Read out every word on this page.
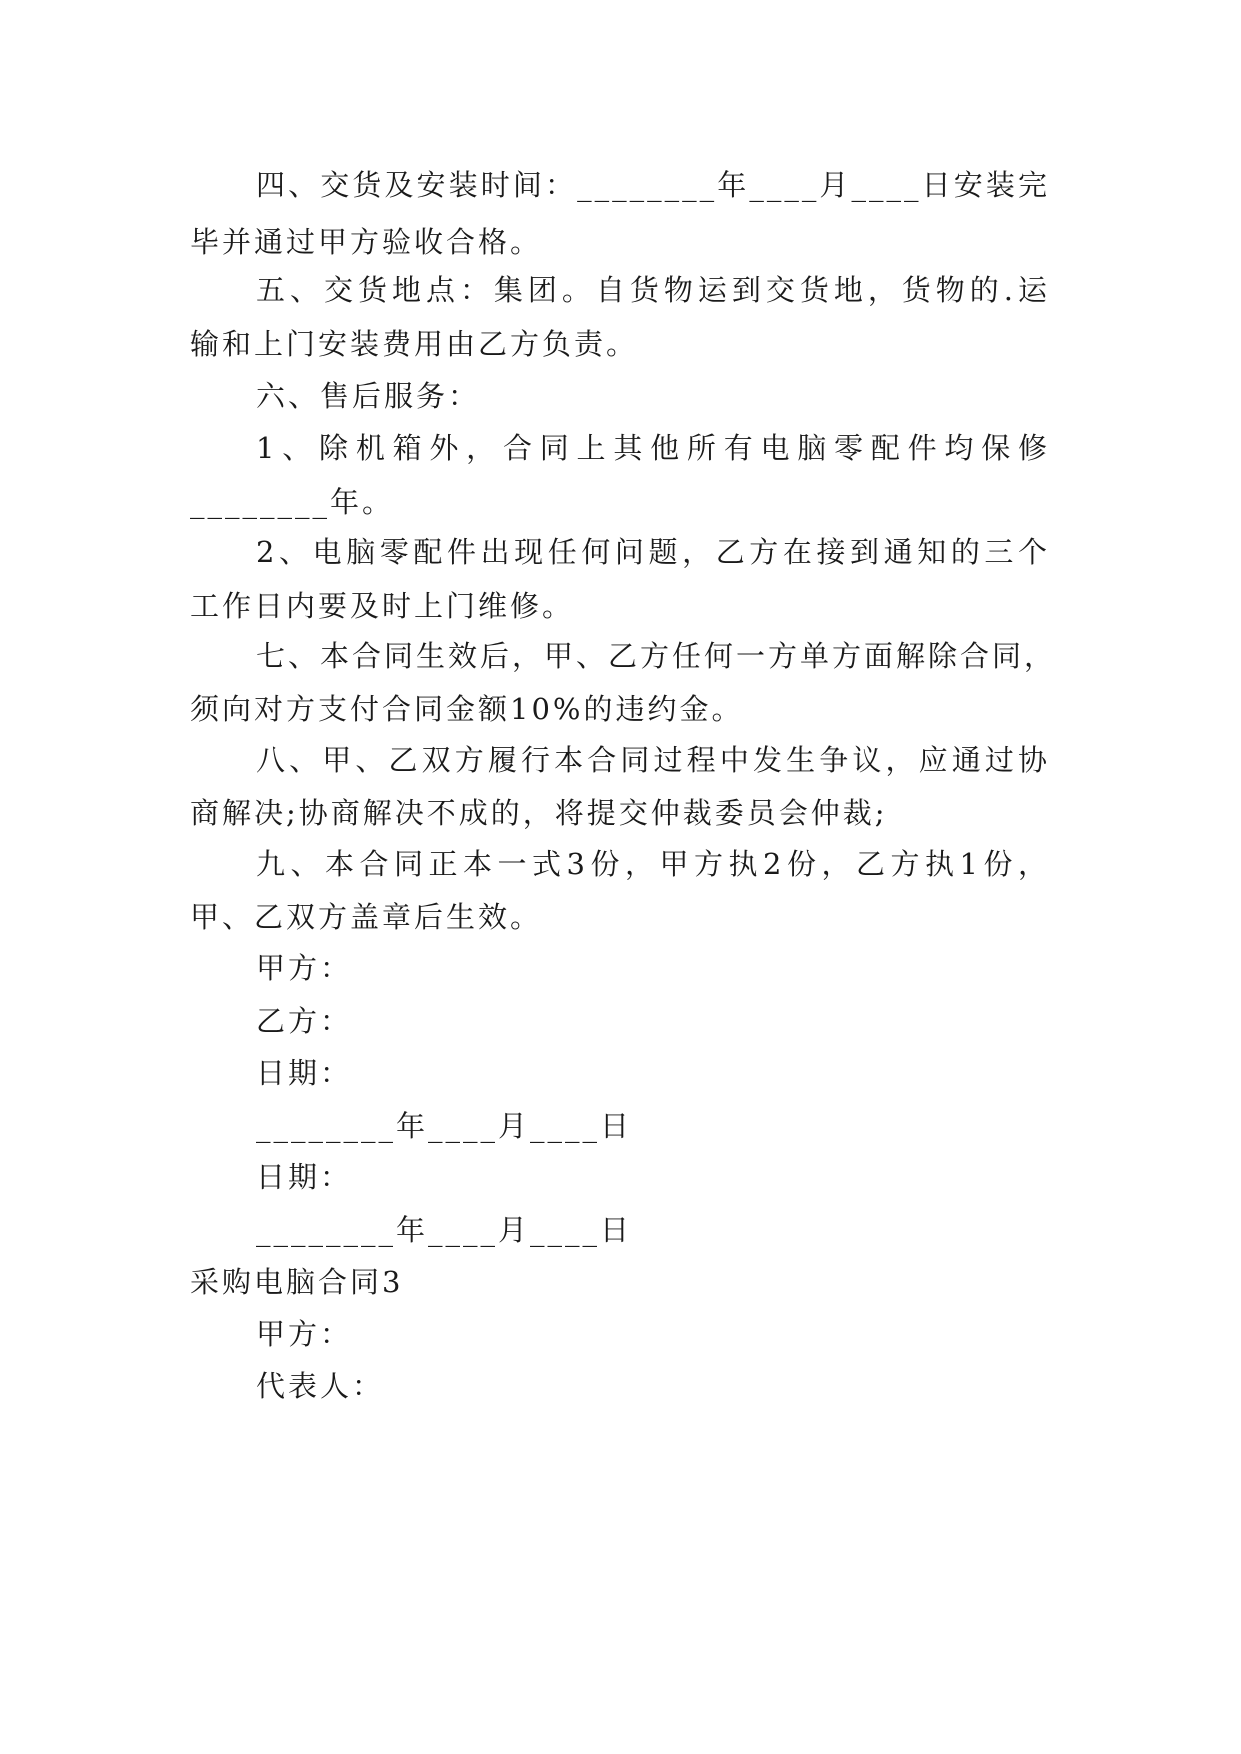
四、交货及安装时间：________年____月____日安装完
毕并通过甲方验收合格。
五、交货地点：集团。自货物运到交货地，货物的.运
输和上门安装费用由乙方负责。
六、售后服务：
1、除机箱外，合同上其他所有电脑零配件均保修
________年。
2、电脑零配件出现任何问题，乙方在接到通知的三个
工作日内要及时上门维修。
七、本合同生效后，甲、乙方任何一方单方面解除合同，
须向对方支付合同金额10%的违约金。
八、甲、乙双方履行本合同过程中发生争议，应通过协
商解决;协商解决不成的，将提交仲裁委员会仲裁;
九、本合同正本一式3份，甲方执2份，乙方执1份，
甲、乙双方盖章后生效。
甲方：
乙方：
日期：
________年____月____日
日期：
________年____月____日
采购电脑合同3
甲方：
代表人：
